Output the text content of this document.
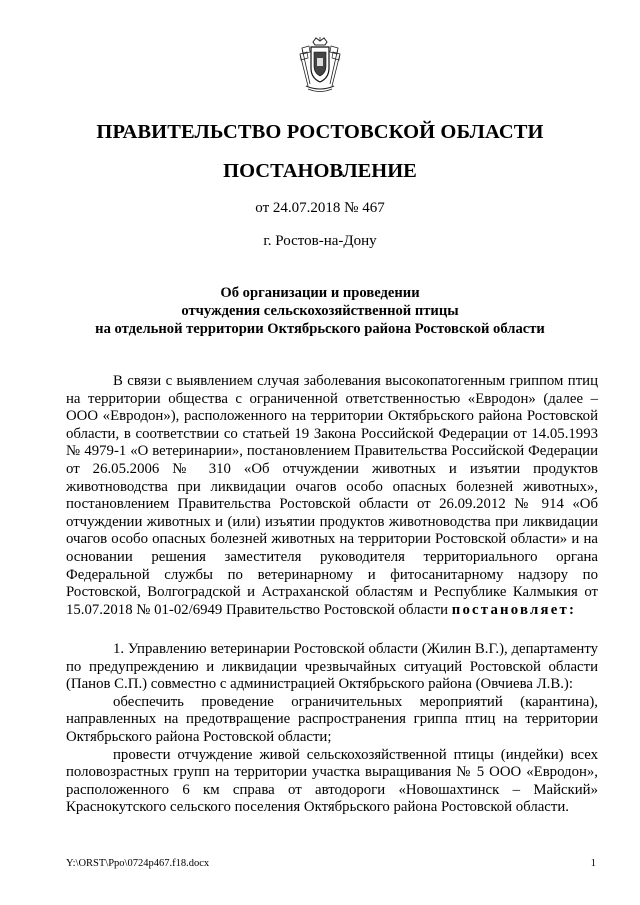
ПРАВИТЕЛЬСТВО РОСТОВСКОЙ ОБЛАСТИ
ПОСТАНОВЛЕНИЕ
от 24.07.2018 № 467
г. Ростов-на-Дону
Об организации и проведении
отчуждения сельскохозяйственной птицы
на отдельной территории Октябрьского района Ростовской области

В связи с выявлением случая заболевания высокопатогенным гриппом птиц на территории общества с ограниченной ответственностью «Евродон» (далее – ООО «Евродон»), расположенного на территории Октябрьского района Ростовской области, в соответствии со статьей 19 Закона Российской Федерации от 14.05.1993 № 4979-1 «О ветеринарии», постановлением Правительства Российской Федерации от 26.05.2006 № 310 «Об отчуждении животных и изъятии продуктов животноводства при ликвидации очагов особо опасных болезней животных», постановлением Правительства Ростовской области от 26.09.2012 № 914 «Об отчуждении животных и (или) изъятии продуктов животноводства при ликвидации очагов особо опасных болезней животных на территории Ростовской области» и на основании решения заместителя руководителя территориального органа Федеральной службы по ветеринарному и фитосанитарному надзору по Ростовской, Волгоградской и Астраханской областям и Республике Калмыкия от 15.07.2018 № 01-02/6949 Правительство Ростовской области постановляет:

1. Управлению ветеринарии Ростовской области (Жилин В.Г.), департаменту по предупреждению и ликвидации чрезвычайных ситуаций Ростовской области (Панов С.П.) совместно с администрацией Октябрьского района (Овчиева Л.В.):

обеспечить проведение ограничительных мероприятий (карантина), направленных на предотвращение распространения гриппа птиц на территории Октябрьского района Ростовской области;

провести отчуждение живой сельскохозяйственной птицы (индейки) всех половозрастных групп на территории участка выращивания № 5 ООО «Евродон», расположенного 6 км справа от автодороги «Новошахтинск – Майский» Краснокутского сельского поселения Октябрьского района Ростовской области.

Y:\ORST\Ppo\0724p467.f18.docx	1
